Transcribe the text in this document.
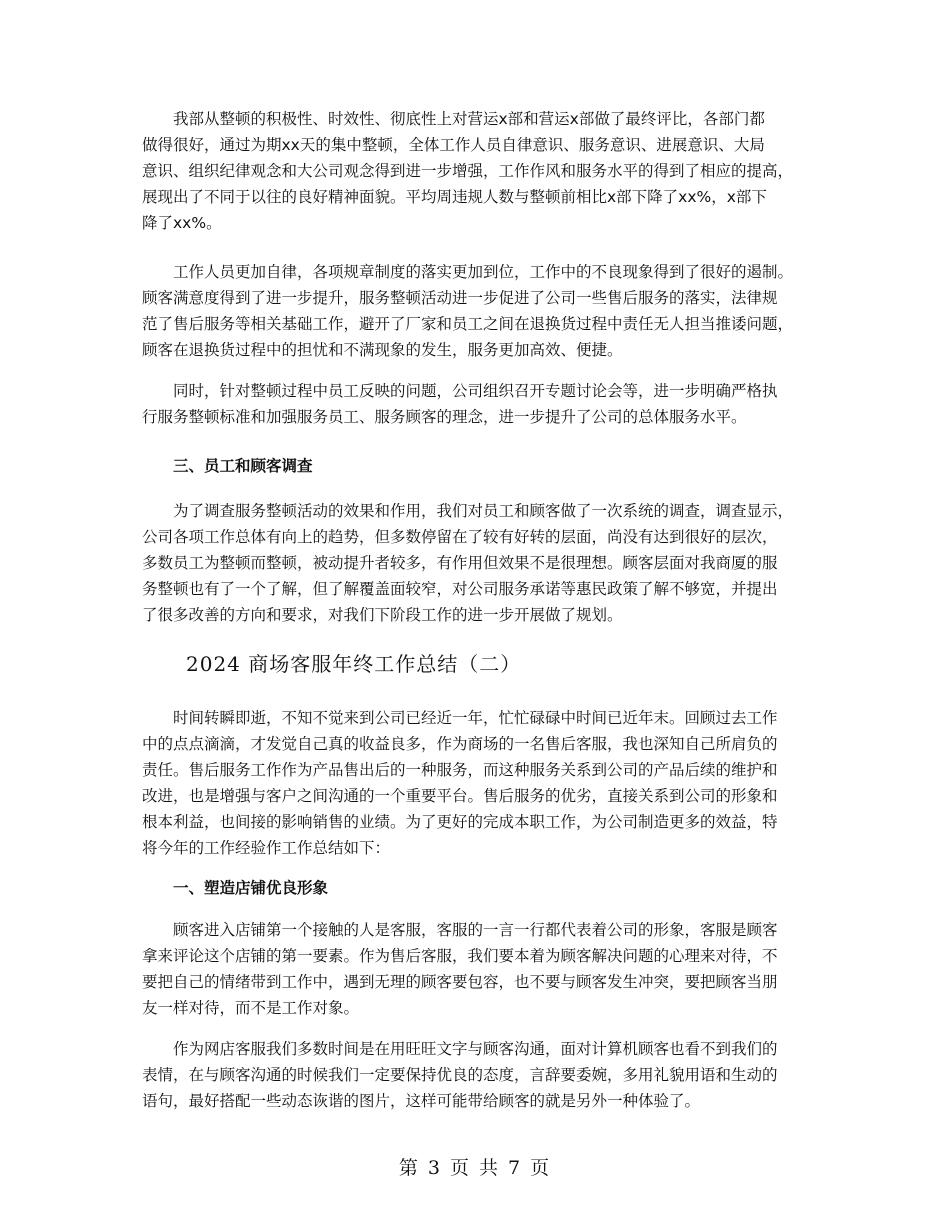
我部从整顿的积极性、时效性、彻底性上对营运x部和营运x部做了最终评比，各部门都
做得很好，通过为期xx天的集中整顿，全体工作人员自律意识、服务意识、进展意识、大局
意识、组织纪律观念和大公司观念得到进一步增强，工作作风和服务水平的得到了相应的提高，
展现出了不同于以往的良好精神面貌。平均周违规人数与整顿前相比x部下降了xx%，x部下
降了xx%。
工作人员更加自律，各项规章制度的落实更加到位，工作中的不良现象得到了很好的遏制。
顾客满意度得到了进一步提升，服务整顿活动进一步促进了公司一些售后服务的落实，法律规
范了售后服务等相关基础工作，避开了厂家和员工之间在退换货过程中责任无人担当推诿问题，
顾客在退换货过程中的担忧和不满现象的发生，服务更加高效、便捷。
同时，针对整顿过程中员工反映的问题，公司组织召开专题讨论会等，进一步明确严格执
行服务整顿标准和加强服务员工、服务顾客的理念，进一步提升了公司的总体服务水平。
三、员工和顾客调查
为了调查服务整顿活动的效果和作用，我们对员工和顾客做了一次系统的调查，调查显示，
公司各项工作总体有向上的趋势，但多数停留在了较有好转的层面，尚没有达到很好的层次，
多数员工为整顿而整顿，被动提升者较多，有作用但效果不是很理想。顾客层面对我商厦的服
务整顿也有了一个了解，但了解覆盖面较窄，对公司服务承诺等惠民政策了解不够宽，并提出
了很多改善的方向和要求，对我们下阶段工作的进一步开展做了规划。
2024 商场客服年终工作总结（二）
时间转瞬即逝，不知不觉来到公司已经近一年，忙忙碌碌中时间已近年末。回顾过去工作
中的点点滴滴，才发觉自己真的收益良多，作为商场的一名售后客服，我也深知自己所肩负的
责任。售后服务工作作为产品售出后的一种服务，而这种服务关系到公司的产品后续的维护和
改进，也是增强与客户之间沟通的一个重要平台。售后服务的优劣，直接关系到公司的形象和
根本利益，也间接的影响销售的业绩。为了更好的完成本职工作，为公司制造更多的效益，特
将今年的工作经验作工作总结如下：
一、塑造店铺优良形象
顾客进入店铺第一个接触的人是客服，客服的一言一行都代表着公司的形象，客服是顾客
拿来评论这个店铺的第一要素。作为售后客服，我们要本着为顾客解决问题的心理来对待，不
要把自己的情绪带到工作中，遇到无理的顾客要包容，也不要与顾客发生冲突，要把顾客当朋
友一样对待，而不是工作对象。
作为网店客服我们多数时间是在用旺旺文字与顾客沟通，面对计算机顾客也看不到我们的
表情，在与顾客沟通的时候我们一定要保持优良的态度，言辞要委婉，多用礼貌用语和生动的
语句，最好搭配一些动态诙谐的图片，这样可能带给顾客的就是另外一种体验了。
第 3 页 共 7 页
